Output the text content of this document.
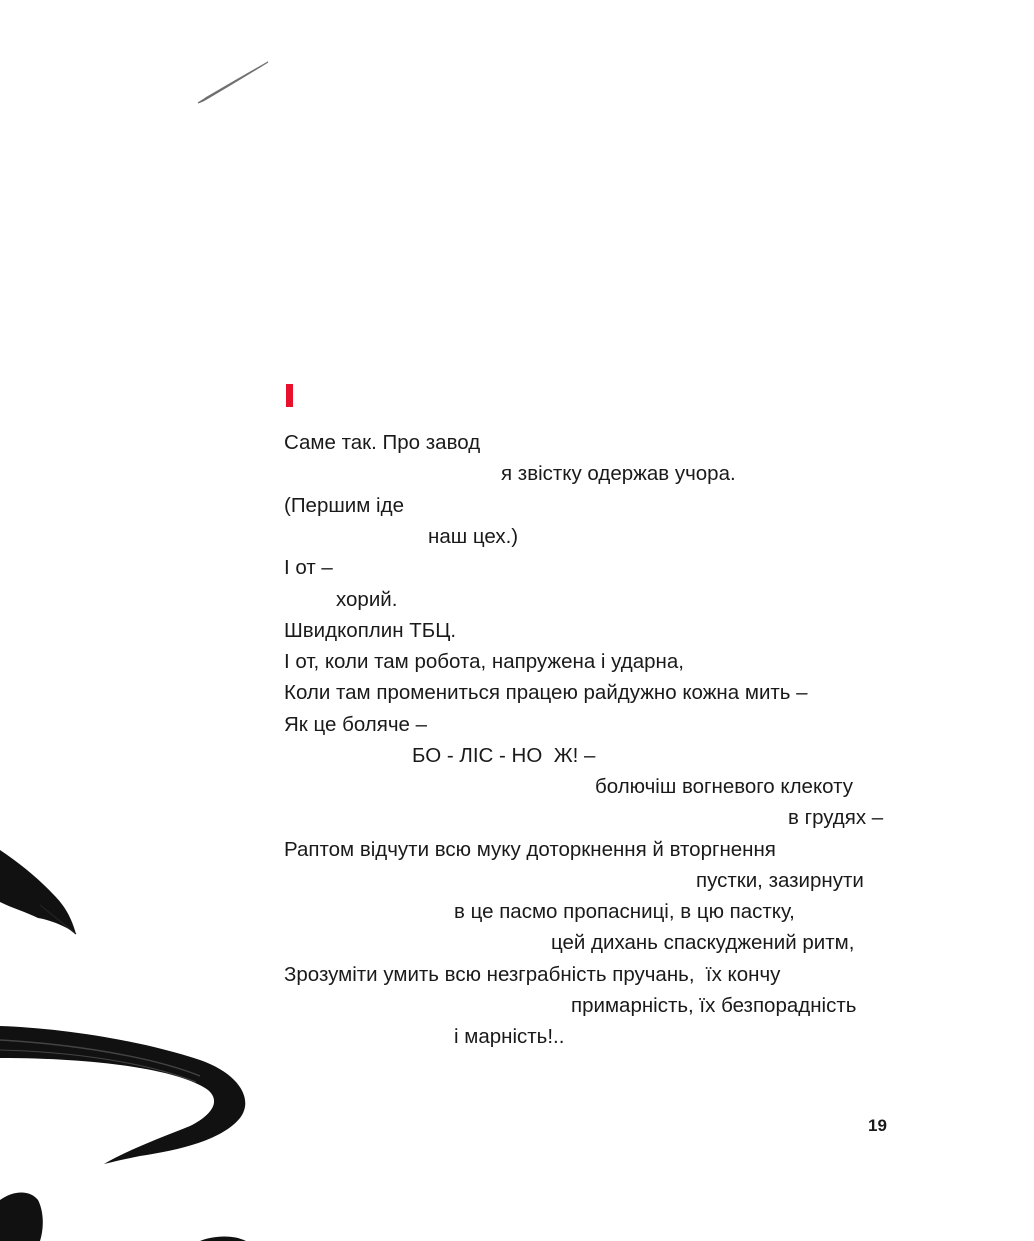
Саме так. Про завод

я звістку одержав учора.

(Першим іде

наш цех.)

І от –

хорий.

Швидкоплин ТБЦ.

І от, коли там робота, напружена і ударна,

Коли там промениться працею райдужно кожна мить –

Як це боляче –

БО - ЛІС - НО  Ж! –

болючіш вогневого клекоту

в грудях –

Раптом відчути всю муку доторкнення й вторгнення

пустки, зазирнути

в це пасмо пропасниці, в цю пастку,

цей дихань спаскуджений ритм,

Зрозуміти умить всю незграбність пручань,  їх кончу

примарність, їх безпорадність

і марність!..

19
